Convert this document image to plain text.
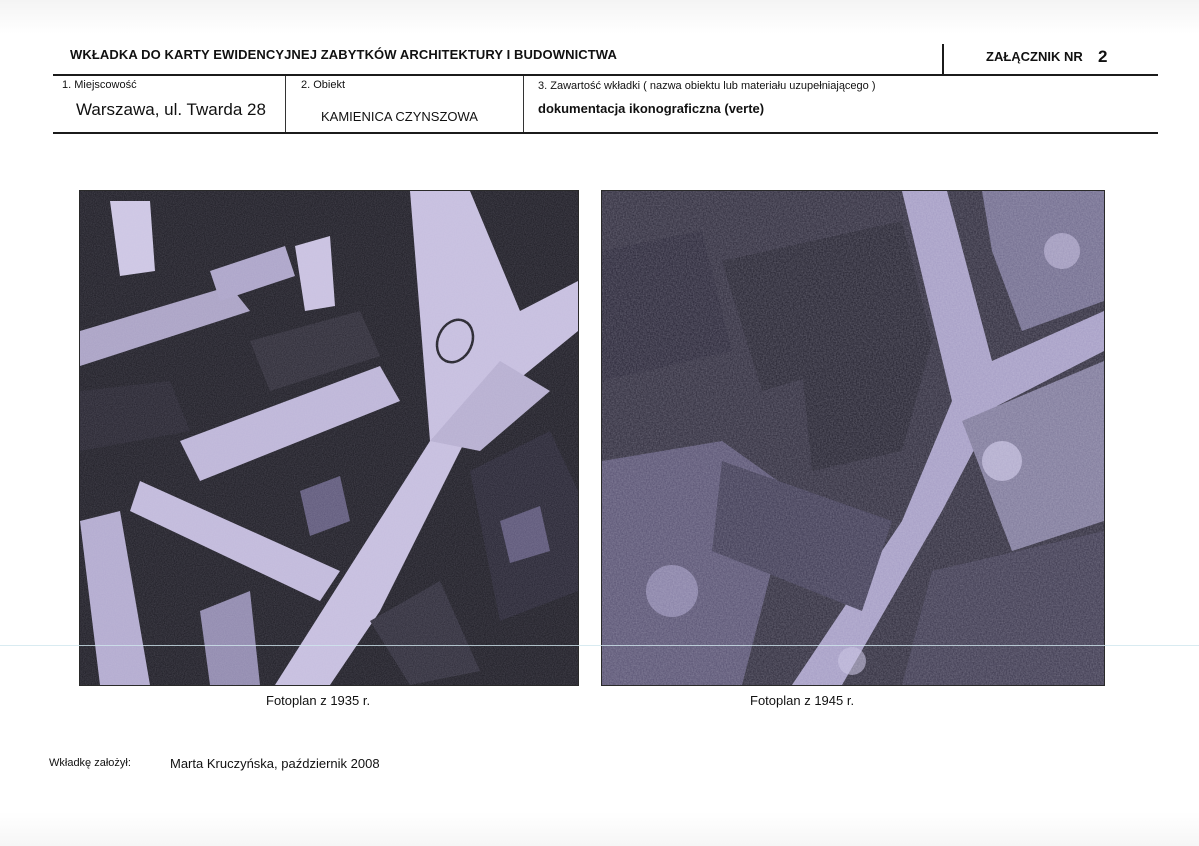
WKŁADKA DO KARTY EWIDENCYJNEJ ZABYTKÓW ARCHITEKTURY I BUDOWNICTWA	ZAŁĄCZNIK NR 2
1. Miejscowość
Warszawa, ul. Twarda 28
2. Obiekt
KAMIENICA CZYNSZOWA
3. Zawartość wkładki ( nazwa obiektu lub materiału uzupełniającego )
dokumentacja ikonograficzna (verte)
Fotoplan z 1935 r.	Fotoplan z 1945 r.
Wkładkę założył:	Marta Kruczyńska, październik 2008
